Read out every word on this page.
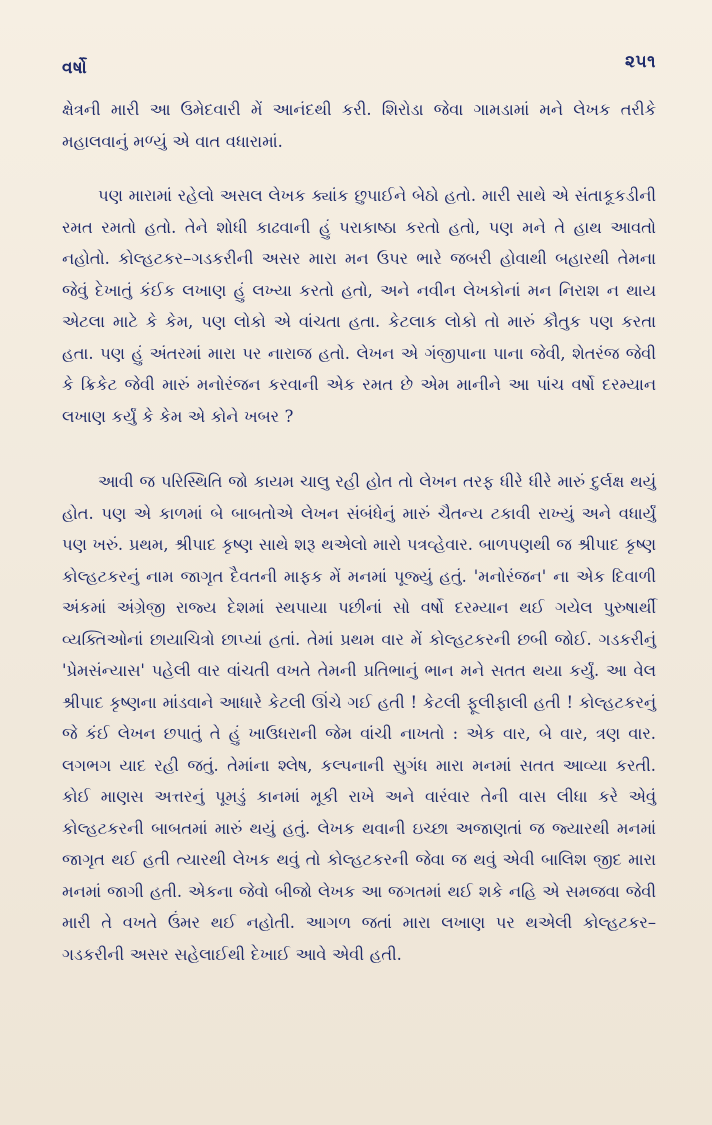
વર્ષો	૨૫૧

ક્ષેત્રની મારી આ ઉમેદવારી મેં આનંદથી કરી. શિરોડા જેવા ગામડામાં મને લેખક તરીકે મહાલવાનું મળ્યું એ વાત વધારામાં.

પણ મારામાં રહેલો અસલ લેખક ક્યાંક છુપાઈને બેઠો હતો. મારી સાથે એ સંતાકૂકડીની રમત રમતો હતો. તેને શોધી કાઢવાની હું પરાકાષ્ઠા કરતો હતો, પણ મને તે હાથ આવતો નહોતો. કોલ્હટકર–ગડકરીની અસર મારા મન ઉપર ભારે જબરી હોવાથી બહારથી તેમના જેવું દેખાતું કંઈક લખાણ હું લખ્યા કરતો હતો, અને નવીન લેખકોનાં મન નિરાશ ન થાય એટલા માટે કે કેમ, પણ લોકો એ વાંચતા હતા. કેટલાક લોકો તો મારું કૌતુક પણ કરતા હતા. પણ હું અંતરમાં મારા પર નારાજ હતો. લેખન એ ગંજીપાના પાના જેવી, શેતરંજ જેવી કે ક્રિકેટ જેવી મારું મનોરંજન કરવાની એક રમત છે એમ માનીને આ પાંચ વર્ષો દરમ્યાન લખાણ કર્યું કે કેમ એ કોને ખબર ?

આવી જ પરિસ્થિતિ જો કાયમ ચાલુ રહી હોત તો લેખન તરફ ધીરે ધીરે મારું દુર્લક્ષ થયું હોત. પણ એ કાળમાં બે બાબતોએ લેખન સંબંધેનું મારું ચૈતન્ય ટકાવી રાખ્યું અને વધાર્યું પણ ખરું. પ્રથમ, શ્રીપાદ કૃષ્ણ સાથે શરૂ થએલો મારો પત્રવ્હેવાર. બાળપણથી જ શ્રીપાદ કૃષ્ણ કોલ્હટકરનું નામ જાગૃત દૈવતની માફક મેં મનમાં પૂજ્યું હતું. 'મનોરંજન' ના એક દિવાળી અંકમાં અંગ્રેજી રાજ્ય દેશમાં સ્થપાયા પછીનાં સો વર્ષો દરમ્યાન થઈ ગયેલ પુરુષાર્થી વ્યક્તિઓનાં છાયાચિત્રો છાપ્યાં હતાં. તેમાં પ્રથમ વાર મેં કોલ્હટકરની છબી જોઈ. ગડકરીનું 'પ્રેમસંન્યાસ' પહેલી વાર વાંચતી વખતે તેમની પ્રતિભાનું ભાન મને સતત થયા કર્યું. આ વેલ શ્રીપાદ કૃષ્ણના માંડવાને આધારે કેટલી ઊંચે ગઈ હતી ! કેટલી ફૂલીફાલી હતી ! કોલ્હટકરનું જે કંઈ લેખન છપાતું તે હું ખાઉધરાની જેમ વાંચી નાખતો : એક વાર, બે વાર, ત્રણ વાર. લગભગ યાદ રહી જતું. તેમાંના શ્લેષ, કલ્પનાની સુગંધ મારા મનમાં સતત આવ્યા કરતી. કોઈ માણસ અત્તરનું પૂમડું કાનમાં મૂકી રાખે અને વારંવાર તેની વાસ લીધા કરે એવું કોલ્હટકરની બાબતમાં મારું થયું હતું. લેખક થવાની ઇચ્છા અજાણતાં જ જ્યારથી મનમાં જાગૃત થઈ હતી ત્યારથી લેખક થવું તો કોલ્હટકરની જેવા જ થવું એવી બાલિશ જીદ મારા મનમાં જાગી હતી. એકના જેવો બીજો લેખક આ જગતમાં થઈ શકે નહિ એ સમજવા જેવી મારી તે વખતે ઉંમર થઈ નહોતી. આગળ જતાં મારા લખાણ પર થએલી કોલ્હટકર–ગડકરીની અસર સહેલાઈથી દેખાઈ આવે એવી હતી.
